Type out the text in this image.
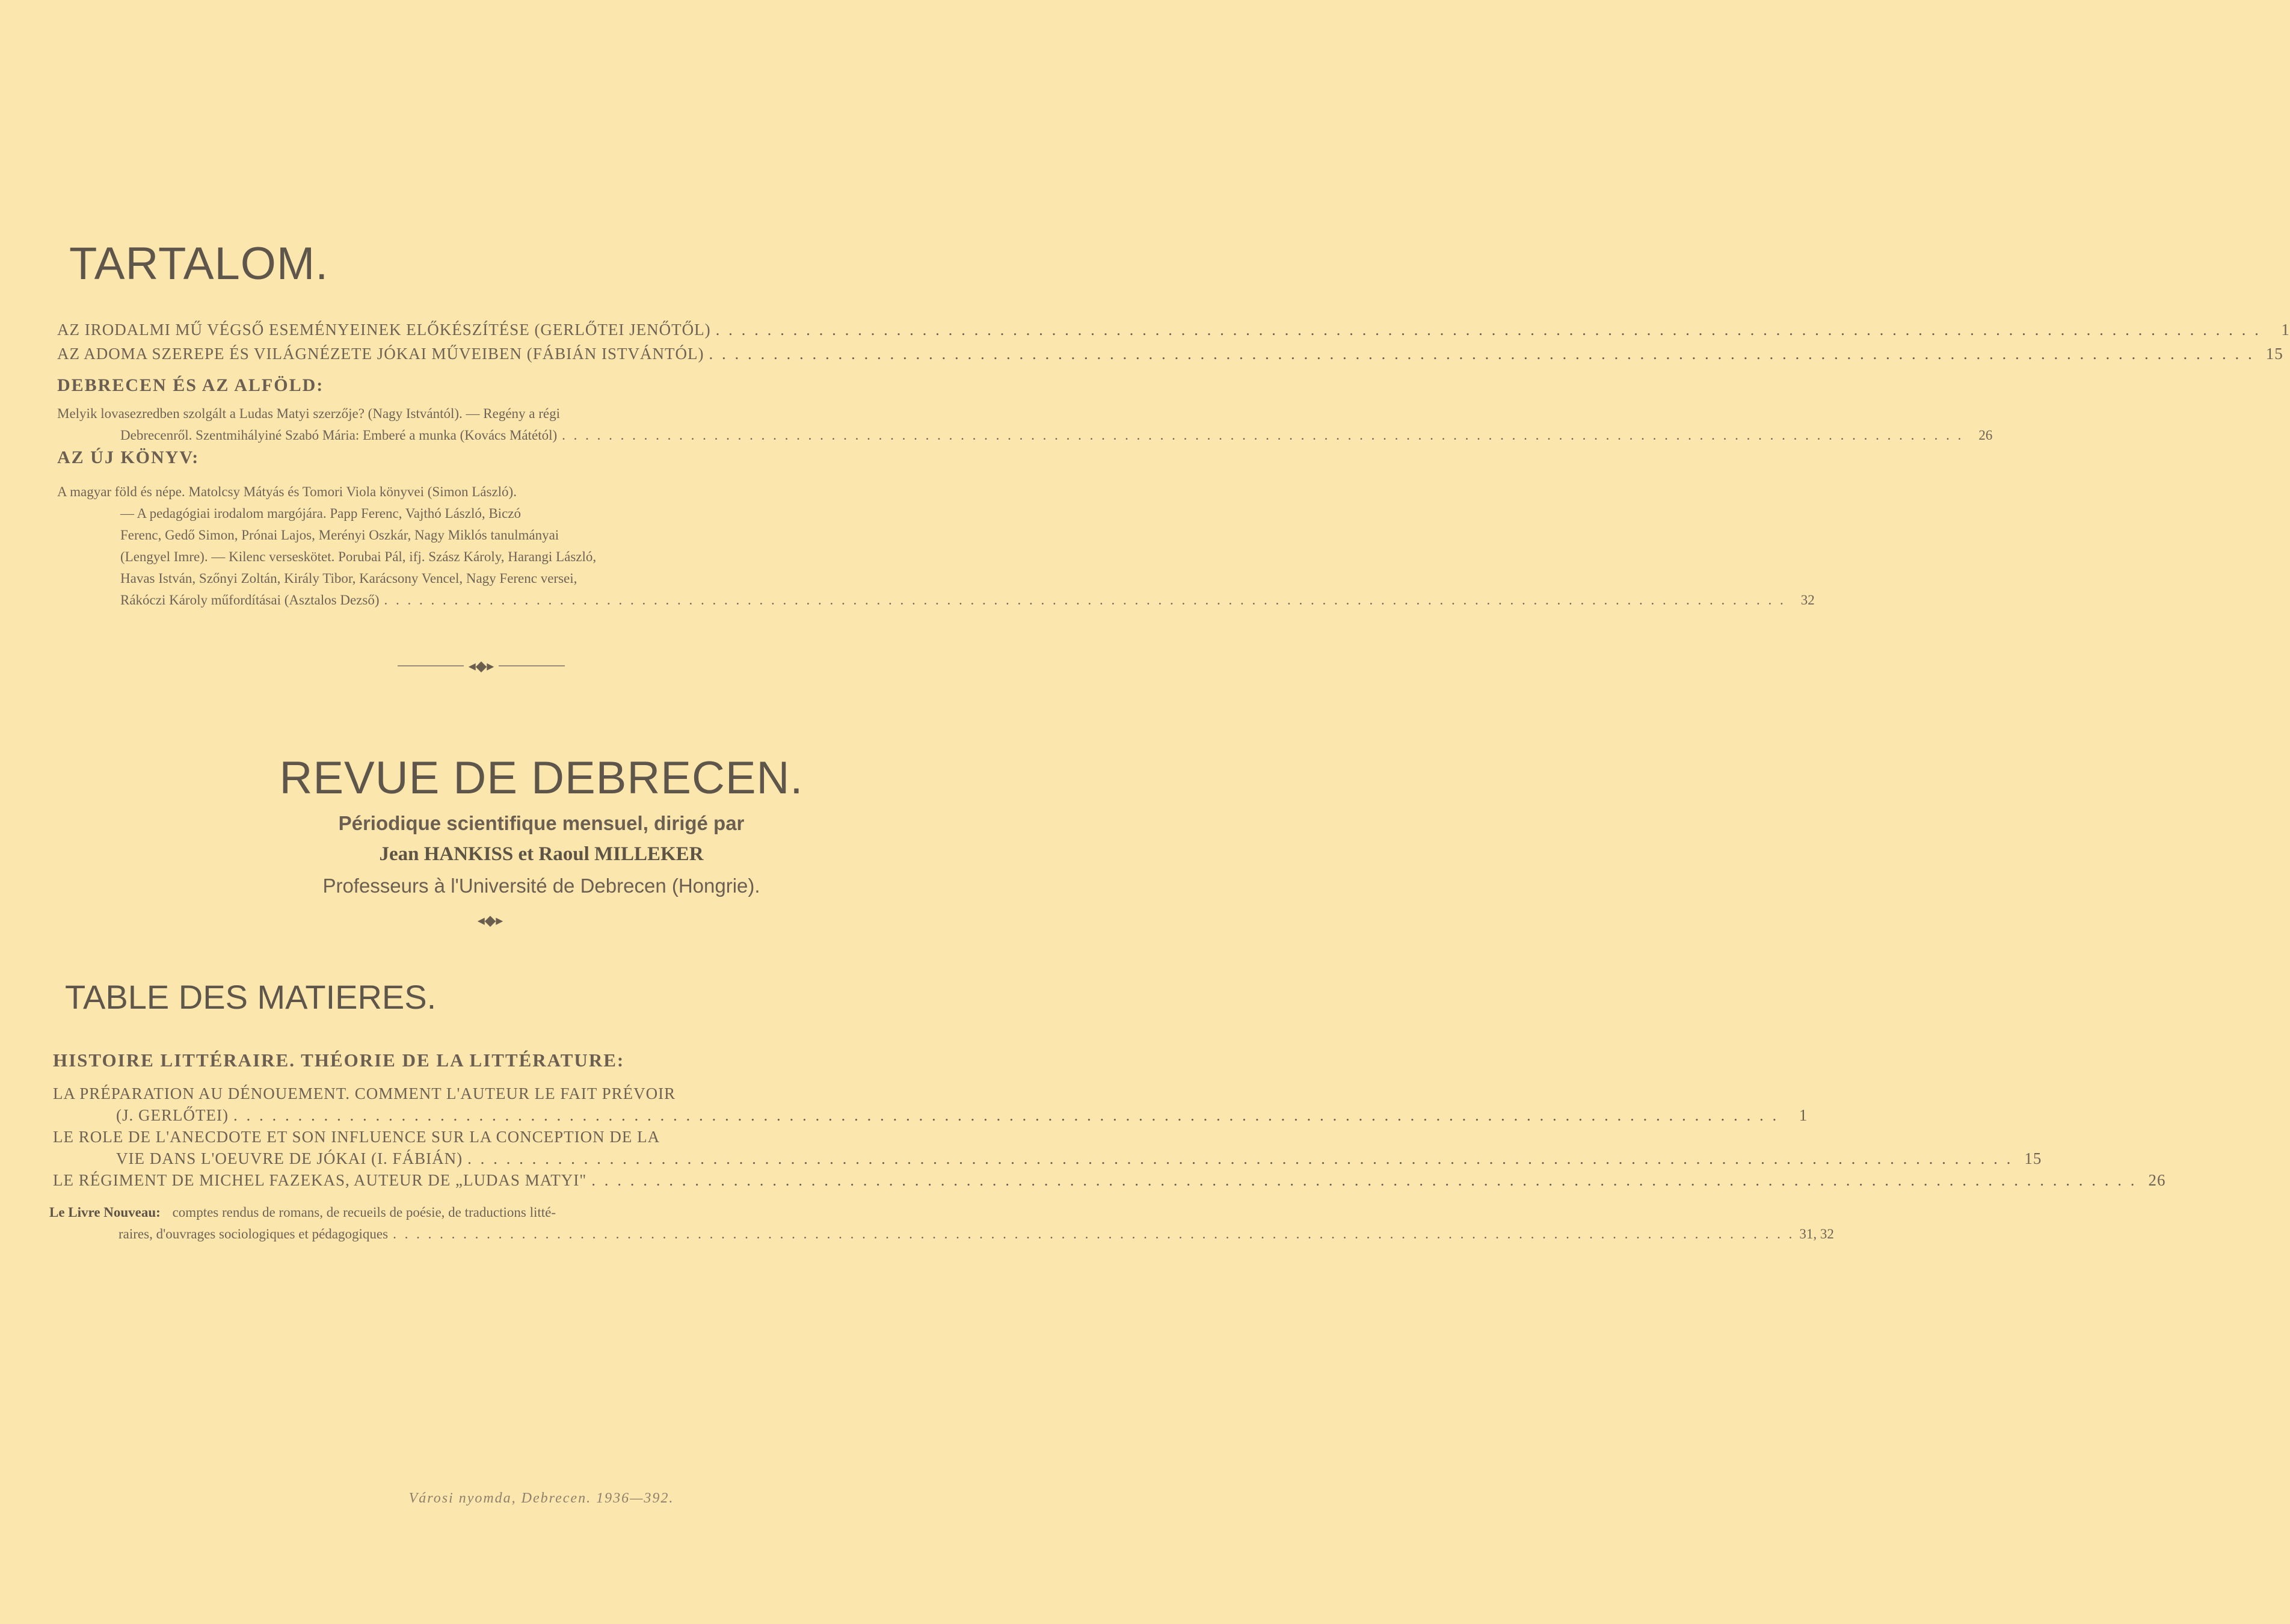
TARTALOM.
AZ IRODALMI MŰ VÉGSŐ ESEMÉNYEINEK ELŐKÉSZÍTÉSE (GERLŐTEI JENŐTŐL) . . . . . . . . . . . . . . . . . . . . . . . . . . . . . . . . . . . . . . . . . . . . . . . . . . . . . . . . . . . . . . . . . . . . . . . . . . . . . . . . . . . . . . . . . . . . . . . . . . . . . . . . . . . . . . . . . . . . . . . .	1
AZ ADOMA SZEREPE ÉS VILÁGNÉZETE JÓKAI MŰVEIBEN (FÁBIÁN ISTVÁNTÓL) . . . . . . . . . . . . . . . . . . . . . . . . . . . . . . . . . . . . . . . . . . . . . . . . . . . . . . . . . . . . . . . . . . . . . . . . . . . . . . . . . . . . . . . . . . . . . . . . . . . . . . . . . . . . . . . . . . . . . . . . 15
DEBRECEN ÉS AZ ALFÖLD:
Melyik lovasezredben szolgált a Ludas Matyi szerzője? (Nagy Istvántól). — Regény a régi
Debrecenről. Szentmihályiné Szabó Mária: Emberé a munka (Kovács Mátétól) . . . . . . . . . . . . . . . . . . . . . . . . . . . . . . . . . . . . . . . . . . . . . . . . . . . . . . . . . . . . . . . . . . . . . . . . . . . . . . . . . . . . . . . . . . . . . . . . . . . . . . . . . . . . . . . . . . . . . . . .	26
AZ ÚJ KÖNYV:
A magyar föld és népe. Matolcsy Mátyás és Tomori Viola könyvei (Simon László).
— A pedagógiai irodalom margójára. Papp Ferenc, Vajthó László, Biczó
Ferenc, Gedő Simon, Prónai Lajos, Merényi Oszkár, Nagy Miklós tanulmányai
(Lengyel Imre). — Kilenc verseskötet. Porubai Pál, ifj. Szász Károly, Harangi László,
Havas István, Szőnyi Zoltán, Király Tibor, Karácsony Vencel, Nagy Ferenc versei,
Rákóczi Károly műfordításai (Asztalos Dezső) . . . . . . . . . . . . . . . . . . . . . . . . . . . . . . . . . . . . . . . . . . . . . . . . . . . . . . . . . . . . . . . . . . . . . . . . . . . . . . . . . . . . . . . . . . . . . . . . . . . . . . . . . . . . . . . . . . . . . . . .	32
◂◆▸
REVUE DE DEBRECEN.
Périodique scientifique mensuel, dirigé par
Jean HANKISS et Raoul MILLEKER
Professeurs à l'Université de Debrecen (Hongrie).
◂◆▸
TABLE DES MATIERES.
HISTOIRE LITTÉRAIRE. THÉORIE DE LA LITTÉRATURE:
LA PRÉPARATION AU DÉNOUEMENT. COMMENT L'AUTEUR LE FAIT PRÉVOIR
(J. GERLŐTEI) . . . . . . . . . . . . . . . . . . . . . . . . . . . . . . . . . . . . . . . . . . . . . . . . . . . . . . . . . . . . . . . . . . . . . . . . . . . . . . . . . . . . . . . . . . . . . . . . . . . . . . . . . . . . . . . . . . . . . . . .	1
LE ROLE DE L'ANECDOTE ET SON INFLUENCE SUR LA CONCEPTION DE LA
VIE DANS L'OEUVRE DE JÓKAI (I. FÁBIÁN) . . . . . . . . . . . . . . . . . . . . . . . . . . . . . . . . . . . . . . . . . . . . . . . . . . . . . . . . . . . . . . . . . . . . . . . . . . . . . . . . . . . . . . . . . . . . . . . . . . . . . . . . . . . . . . . . . . . . . . . . 15
LE RÉGIMENT DE MICHEL FAZEKAS, AUTEUR DE „LUDAS MATYI" . . . . . . . . . . . . . . . . . . . . . . . . . . . . . . . . . . . . . . . . . . . . . . . . . . . . . . . . . . . . . . . . . . . . . . . . . . . . . . . . . . . . . . . . . . . . . . . . . . . . . . . . . . . . . . . . . . . . . . . . 26
Le Livre Nouveau: comptes rendus de romans, de recueils de poésie, de traductions litté-
raires, d'ouvrages sociologiques et pédagogiques . . . . . . . . . . . . . . . . . . . . . . . . . . . . . . . . . . . . . . . . . . . . . . . . . . . . . . . . . . . . . . . . . . . . . . . . . . . . . . . . . . . . . . . . . . . . . . . . . . . . . . . . . . . . . . . . . . . . . . . . 31, 32
Városi nyomda, Debrecen. 1936—392.
